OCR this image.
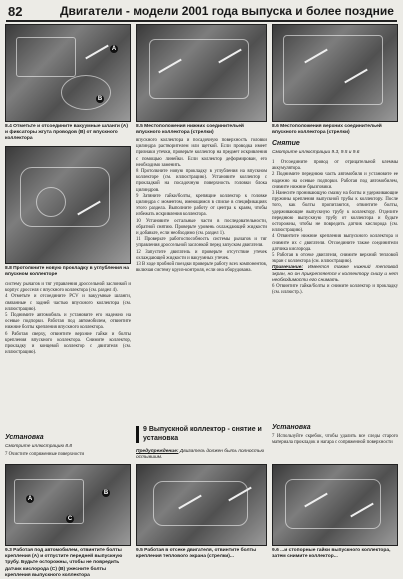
82	Двигатели - модели 2001 года выпуска и более поздние
A
B
8.4 Отметьте и отсоедините вакуумные шланги (А) и фиксаторы жгута проводов (В) от впускного коллектора
8.8 Протолкните новую прокладку в углубления на впускном коллекторе

систему рычагов и тяг управления дроссельной заслонкой и корпус дросселя с впускного коллектора (см. раздел 4).

4 Отметьте и отсоедините PCV и вакуумные шланги, связанные с задней частью впускного коллектора (см. иллюстрацию).

5 Поднимите автомобиль и установите его надежно на осевые подпорки. Работая под автомобилем, отвинтите нижние болты крепления впускного коллектора.

6 Работая сверху, отвинтите верхние гайки и болты крепления впускного коллектора. Снимите коллектор, прокладку и концевой коллектор с двигателя (см. иллюстрацию).

Установка
Смотрите иллюстрацию 8.8
7 Очистите сопряженные поверхности
A
C
B
9.3 Работая под автомобилем, отвинтите болты крепления (А) и отпустите передней выпускную трубу. Будьте осторожны, чтобы не повредить датчик кислорода (С) (В) ужесните болты крепления выпускного коллектора
8.5 Местоположения нижних соединительей впускного коллектора (стрелки)

впускного коллектора и посадочную поверхность головки цилиндра растворителем или щеткой. Если проводка имеет признаки утечки, проверьте коллектор на предмет искривления с помощью линейки. Если коллектор деформирован, его необходимо заменить.

8 Протолкните новую прокладку в углубления на впускном коллекторе (см. иллюстрацию). Установите коллектор с прокладкой на посадочную поверхность головки блока цилиндров.

9 Затяните гайки/болты, крепящие коллектор к головке цилиндра с моментом, имеющимся в списке в спецификациях этого раздела. Выполните работу от центра к краям, чтобы избежать искривления коллектора.

10 Установите остальные части в последовательности, обратной снятию. Проверьте уровень охлаждающей жидкости и добавьте, если необходимо (см. раздел 1).

11 Проверьте работоспособность системы рычагов и тяг управления дроссельной заслонкой перед запуском двигателя.

12 Запустите двигатель и проверьте отсутствие утечек охлаждающей жидкости и вакуумных утечек.

13 В ходе пробной поездки проверьте работу всех компонентов, включая систему круиз-контроля, если она оборудована.

9 Выпускной коллектор - снятие и установка
Предупреждение: Двигатель должен быть полностью остывшим.
9.5 Работая в отсеке двигателя, отвинтите болты крепления теплового экрана (стрелки)...
8.6 Местоположения верхних соединительей впускного коллектора (стрелки)
Снятие
Смотрите иллюстрации 9.3, 9.5 и 9.6

1 Отсоедините провод от отрицательной клеммы аккумулятора.

2 Поднимите переднюю часть автомобиля и установите ее надежно на осевые подпорки. Работая под автомобилем, снимите нижние брызговики.

3 Нанесите проникающую смазку на болты и удерживающие пружины крепления выпускной трубы к коллектору. После того, как болты пропитаются, отвинтите болты, удерживающие выпускную трубу к коллектору. Отделите переднюю выпускную трубу от коллектора и будьте осторожны, чтобы не повредить датчик кислорода (см. иллюстрацию).

4 Отвинтите нижние крепления выпускного коллектора и снимите их с двигателя. Отсоедините также соединители датчика кислорода.

5 Работая в отсеке двигателя, снимите верхний тепловой экран с коллектора (см. иллюстрацию).

Примечание: Имеется также нижний тепловой экран, но он прикрепляется к коллектору снизу и нет необходимости его снимать.

6 Отвинтите гайки/болты и снимите коллектор и прокладку (см. иллюстр.).

Установка
7 Используйте скребок, чтобы удалить все следы старого материала прокладок и нагара с сопряженной поверхности
9.6 ...и стопорные гайки выпускного коллектора, затем снимите коллектор...
